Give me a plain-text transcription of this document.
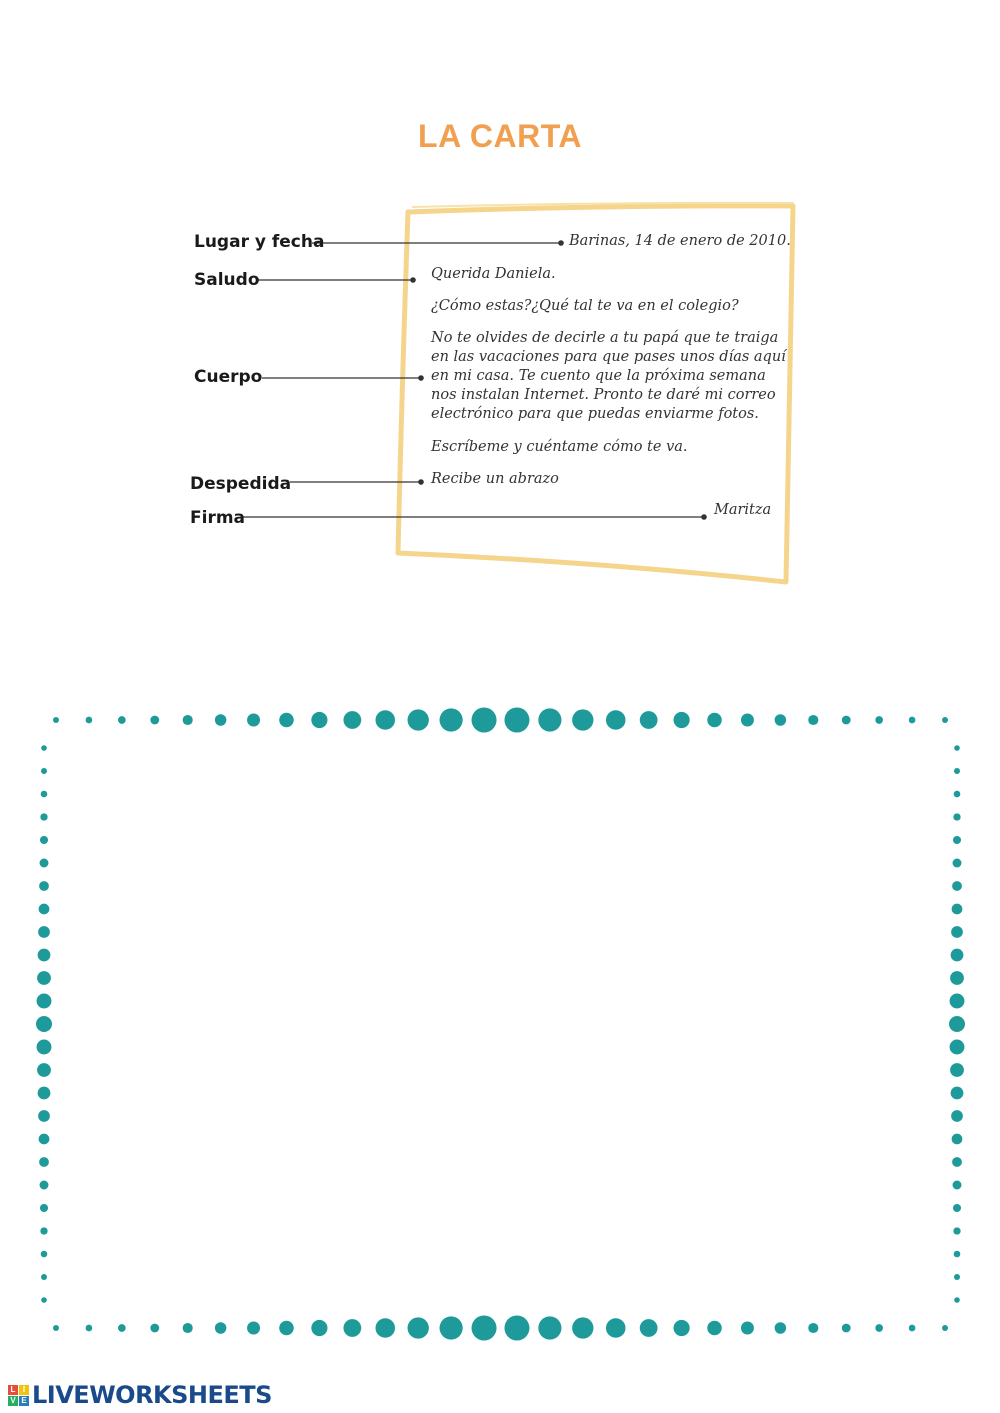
LA CARTA
Lugar y fecha
Saludo
Cuerpo
Despedida
Firma
Barinas, 14 de enero de 2010.
Querida Daniela.
¿Cómo estas?¿Qué tal te va en el colegio?
No te olvides de decirle a tu papá que te traiga
en las vacaciones para que pases unos días aquí
en mi casa. Te cuento que la próxima semana
nos instalan Internet. Pronto te daré mi correo
electrónico para que puedas enviarme fotos.
Escríbeme y cuéntame cómo te va.
Recibe un abrazo
Maritza
L I
V E LIVEWORKSHEETS
